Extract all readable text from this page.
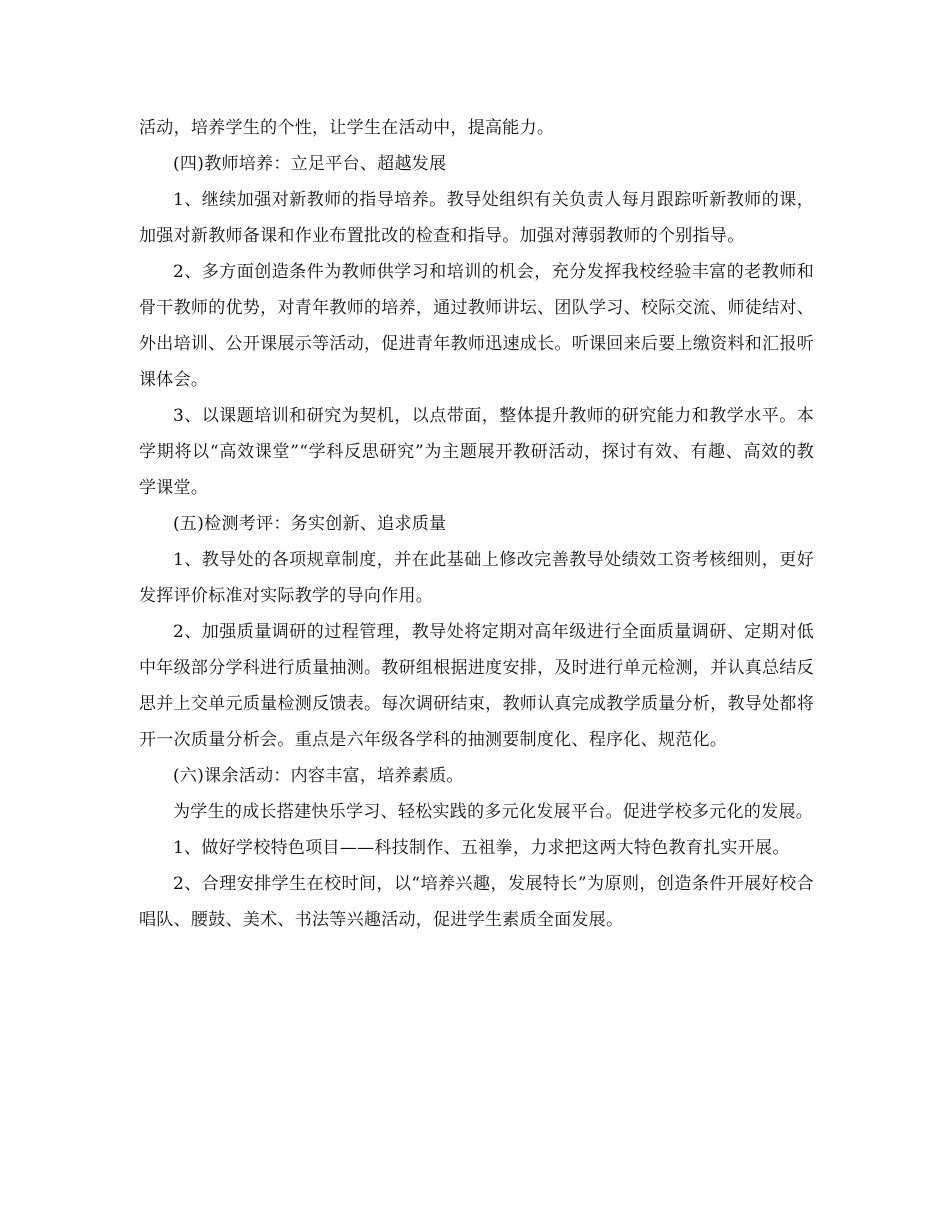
活动，培养学生的个性，让学生在活动中，提高能力。

(四)教师培养：立足平台、超越发展

1、继续加强对新教师的指导培养。教导处组织有关负责人每月跟踪听新教师的课，加强对新教师备课和作业布置批改的检查和指导。加强对薄弱教师的个别指导。

2、多方面创造条件为教师供学习和培训的机会，充分发挥我校经验丰富的老教师和骨干教师的优势，对青年教师的培养，通过教师讲坛、团队学习、校际交流、师徒结对、外出培训、公开课展示等活动，促进青年教师迅速成长。听课回来后要上缴资料和汇报听课体会。

3、以课题培训和研究为契机，以点带面，整体提升教师的研究能力和教学水平。本学期将以“高效课堂”“学科反思研究”为主题展开教研活动，探讨有效、有趣、高效的教学课堂。

(五)检测考评：务实创新、追求质量

1、教导处的各项规章制度，并在此基础上修改完善教导处绩效工资考核细则，更好发挥评价标准对实际教学的导向作用。

2、加强质量调研的过程管理，教导处将定期对高年级进行全面质量调研、定期对低中年级部分学科进行质量抽测。教研组根据进度安排，及时进行单元检测，并认真总结反思并上交单元质量检测反馈表。每次调研结束，教师认真完成教学质量分析，教导处都将开一次质量分析会。重点是六年级各学科的抽测要制度化、程序化、规范化。

(六)课余活动：内容丰富，培养素质。

为学生的成长搭建快乐学习、轻松实践的多元化发展平台。促进学校多元化的发展。

1、做好学校特色项目——科技制作、五祖拳，力求把这两大特色教育扎实开展。

2、合理安排学生在校时间，以“培养兴趣，发展特长”为原则，创造条件开展好校合唱队、腰鼓、美术、书法等兴趣活动，促进学生素质全面发展。
